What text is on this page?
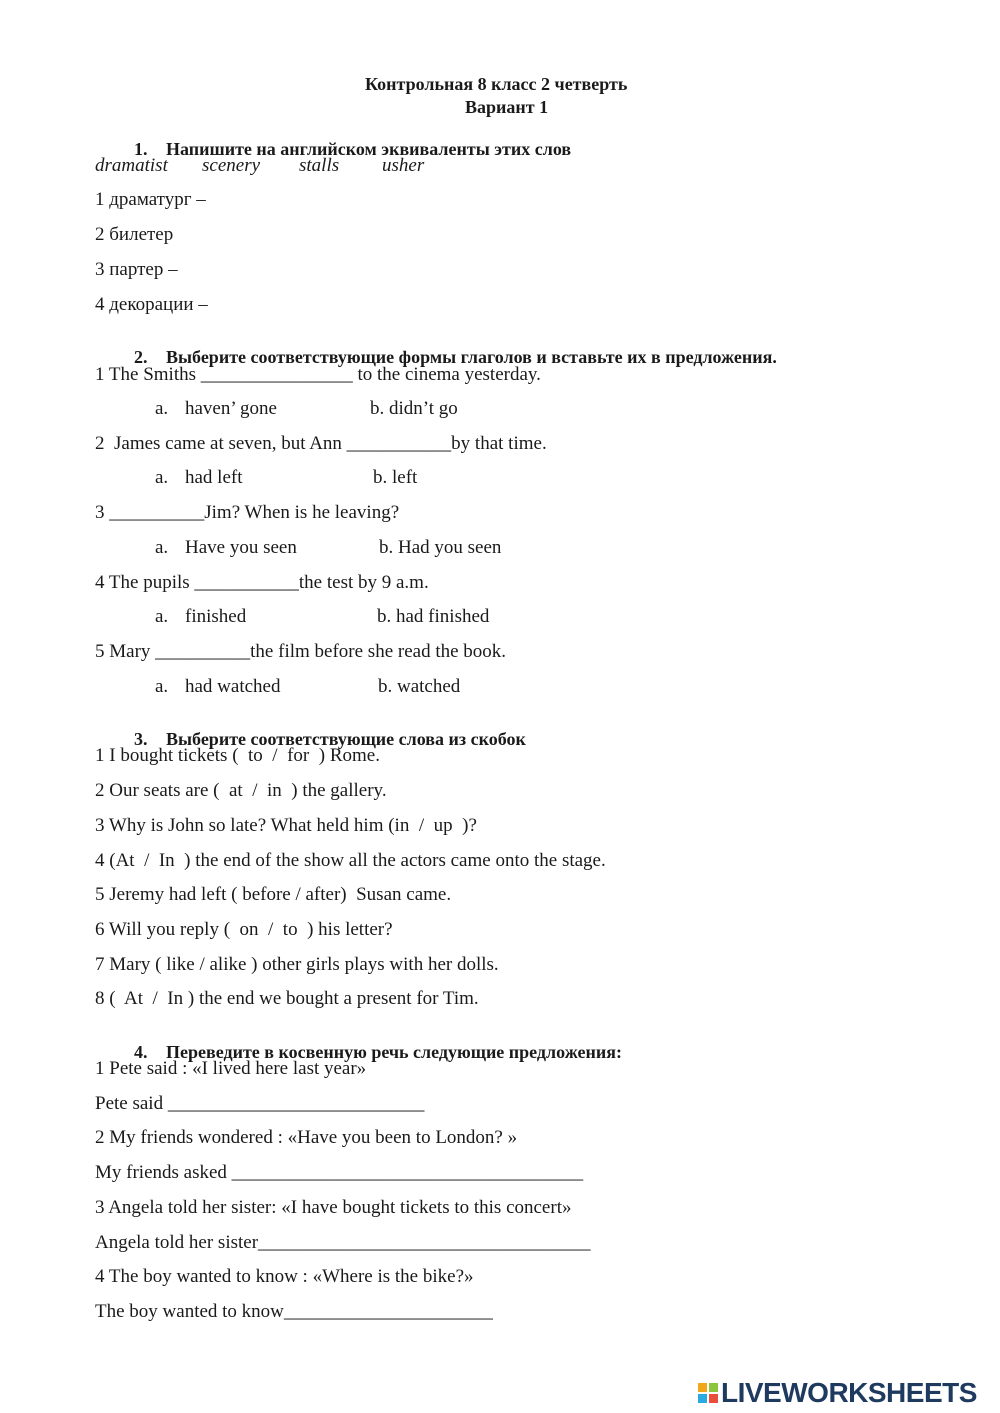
Контрольная 8 класс 2 четверть
Вариант 1

1. Напишите на английском эквиваленты этих слов

dramatist scenery stalls usher
1 драматург –
2 билетер
3 партер –
4 декорации –

2. Выберите соответствующие формы глаголов и вставьте их в предложения.

1 The Smiths ________________ to the cinema yesterday.
a. haven’ gone	b. didn’t go
2  James came at seven, but Ann ___________by that time.
a. had left	b. left
3 __________Jim? When is he leaving?
a. Have you seen	b. Had you seen
4 The pupils ___________the test by 9 a.m.
a. finished	b. had finished
5 Mary __________the film before she read the book.
a. had watched	b. watched

3. Выберите соответствующие слова из скобок

1 I bought tickets (  to  /  for  ) Rome.
2 Our seats are (  at  /  in  ) the gallery.
3 Why is John so late? What held him (in  /  up  )?
4 (At  /  In  ) the end of the show all the actors came onto the stage.
5 Jeremy had left ( before / after)  Susan came.
6 Will you reply (  on  /  to  ) his letter?
7 Mary ( like / alike ) other girls plays with her dolls.
8 (  At  /  In ) the end we bought a present for Tim.

4. Переведите в косвенную речь следующие предложения:

1 Pete said : «I lived here last year»
Pete said ___________________________
2 My friends wondered : «Have you been to London? »
My friends asked _____________________________________
3 Angela told her sister: «I have bought tickets to this concert»
Angela told her sister___________________________________
4 The boy wanted to know : «Where is the bike?»
The boy wanted to know______________________
LIVEWORKSHEETS
